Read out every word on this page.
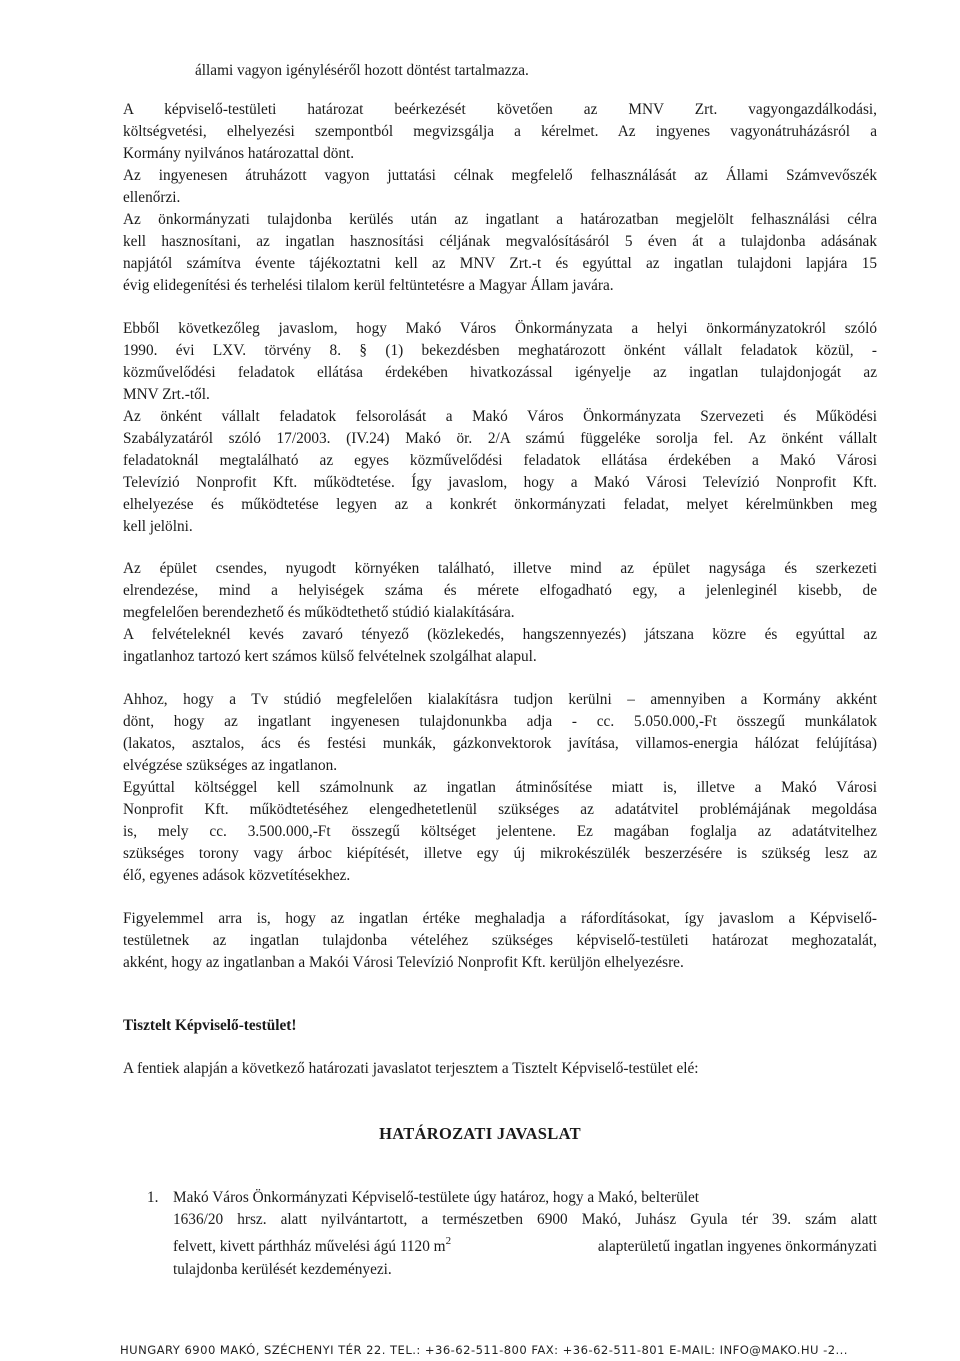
állami vagyon igényléséről hozott döntést tartalmazza.
A képviselő-testületi határozat beérkezését követően az MNV Zrt. vagyongazdálkodási,
költségvetési, elhelyezési szempontból megvizsgálja a kérelmet. Az ingyenes vagyonátruházásról a
Kormány nyilvános határozattal dönt.
Az ingyenesen átruházott vagyon juttatási célnak megfelelő felhasználását az Állami Számvevőszék
ellenőrzi.
Az önkormányzati tulajdonba kerülés után az ingatlant a határozatban megjelölt felhasználási célra
kell hasznosítani, az ingatlan hasznosítási céljának megvalósításáról 5 éven át a tulajdonba adásának
napjától számítva évente tájékoztatni kell az MNV Zrt.-t és egyúttal az ingatlan tulajdoni lapjára 15
évig elidegenítési és terhelési tilalom kerül feltüntetésre a Magyar Állam javára.
Ebből következőleg javaslom, hogy Makó Város Önkormányzata a helyi önkormányzatokról szóló
1990. évi LXV. törvény 8. § (1) bekezdésben meghatározott önként vállalt feladatok közül, -
közművelődési feladatok ellátása érdekében hivatkozással igényelje az ingatlan tulajdonjogát az
MNV Zrt.-től.
Az önként vállalt feladatok felsorolását a Makó Város Önkormányzata Szervezeti és Működési
Szabályzatáról szóló 17/2003. (IV.24) Makó ör. 2/A számú függeléke sorolja fel. Az önként vállalt
feladatoknál megtalálható az egyes közművelődési feladatok ellátása érdekében a Makó Városi
Televízió Nonprofit Kft. működtetése. Így javaslom, hogy a Makó Városi Televízió Nonprofit Kft.
elhelyezése és működtetése legyen az a konkrét önkormányzati feladat, melyet kérelmünkben meg
kell jelölni.
Az épület csendes, nyugodt környéken található, illetve mind az épület nagysága és szerkezeti
elrendezése, mind a helyiségek száma és mérete elfogadható egy, a jelenleginél kisebb, de
megfelelően berendezhető és működtethető stúdió kialakítására.
A felvételeknél kevés zavaró tényező (közlekedés, hangszennyezés) játszana közre és egyúttal az
ingatlanhoz tartozó kert számos külső felvételnek szolgálhat alapul.
Ahhoz, hogy a Tv stúdió megfelelően kialakításra tudjon kerülni – amennyiben a Kormány akként
dönt, hogy az ingatlant ingyenesen tulajdonunkba adja - cc. 5.050.000,-Ft összegű munkálatok
(lakatos, asztalos, ács és festési munkák, gázkonvektorok javítása, villamos-energia hálózat felújítása)
elvégzése szükséges az ingatlanon.
Egyúttal költséggel kell számolnunk az ingatlan átminősítése miatt is, illetve a Makó Városi
Nonprofit Kft. működtetéséhez elengedhetetlenül szükséges az adatátvitel problémájának megoldása
is, mely cc. 3.500.000,-Ft összegű költséget jelentene. Ez magában foglalja az adatátvitelhez
szükséges torony vagy árboc kiépítését, illetve egy új mikrokészülék beszerzésére is szükség lesz az
élő, egyenes adások közvetítésekhez.
Figyelemmel arra is, hogy az ingatlan értéke meghaladja a ráfordításokat, így javaslom a Képviselő-
testületnek az ingatlan tulajdonba vételéhez szükséges képviselő-testületi határozat meghozatalát,
akként, hogy az ingatlanban a Makói Városi Televízió Nonprofit Kft. kerüljön elhelyezésre.
Tisztelt Képviselő-testület!
A fentiek alapján a következő határozati javaslatot terjesztem a Tisztelt Képviselő-testület elé:
HATÁROZATI JAVASLAT
1. Makó Város Önkormányzati Képviselő-testülete úgy határoz, hogy a Makó, belterület
1636/20 hrsz. alatt nyilvántartott, a természetben 6900 Makó, Juhász Gyula tér 39. szám alatt
felvett, kivett párthház művelési ágú 1120 $m^2$	alapterületű ingatlan ingyenes önkormányzati
tulajdonba kerülését kezdeményezi.
HUNGARY 6900 MAKÓ, SZÉCHENYI TÉR 22. TEL.: +36-62-511-800 FAX: +36-62-511-801 E-MAIL: INFO@MAKO.HU -2...
